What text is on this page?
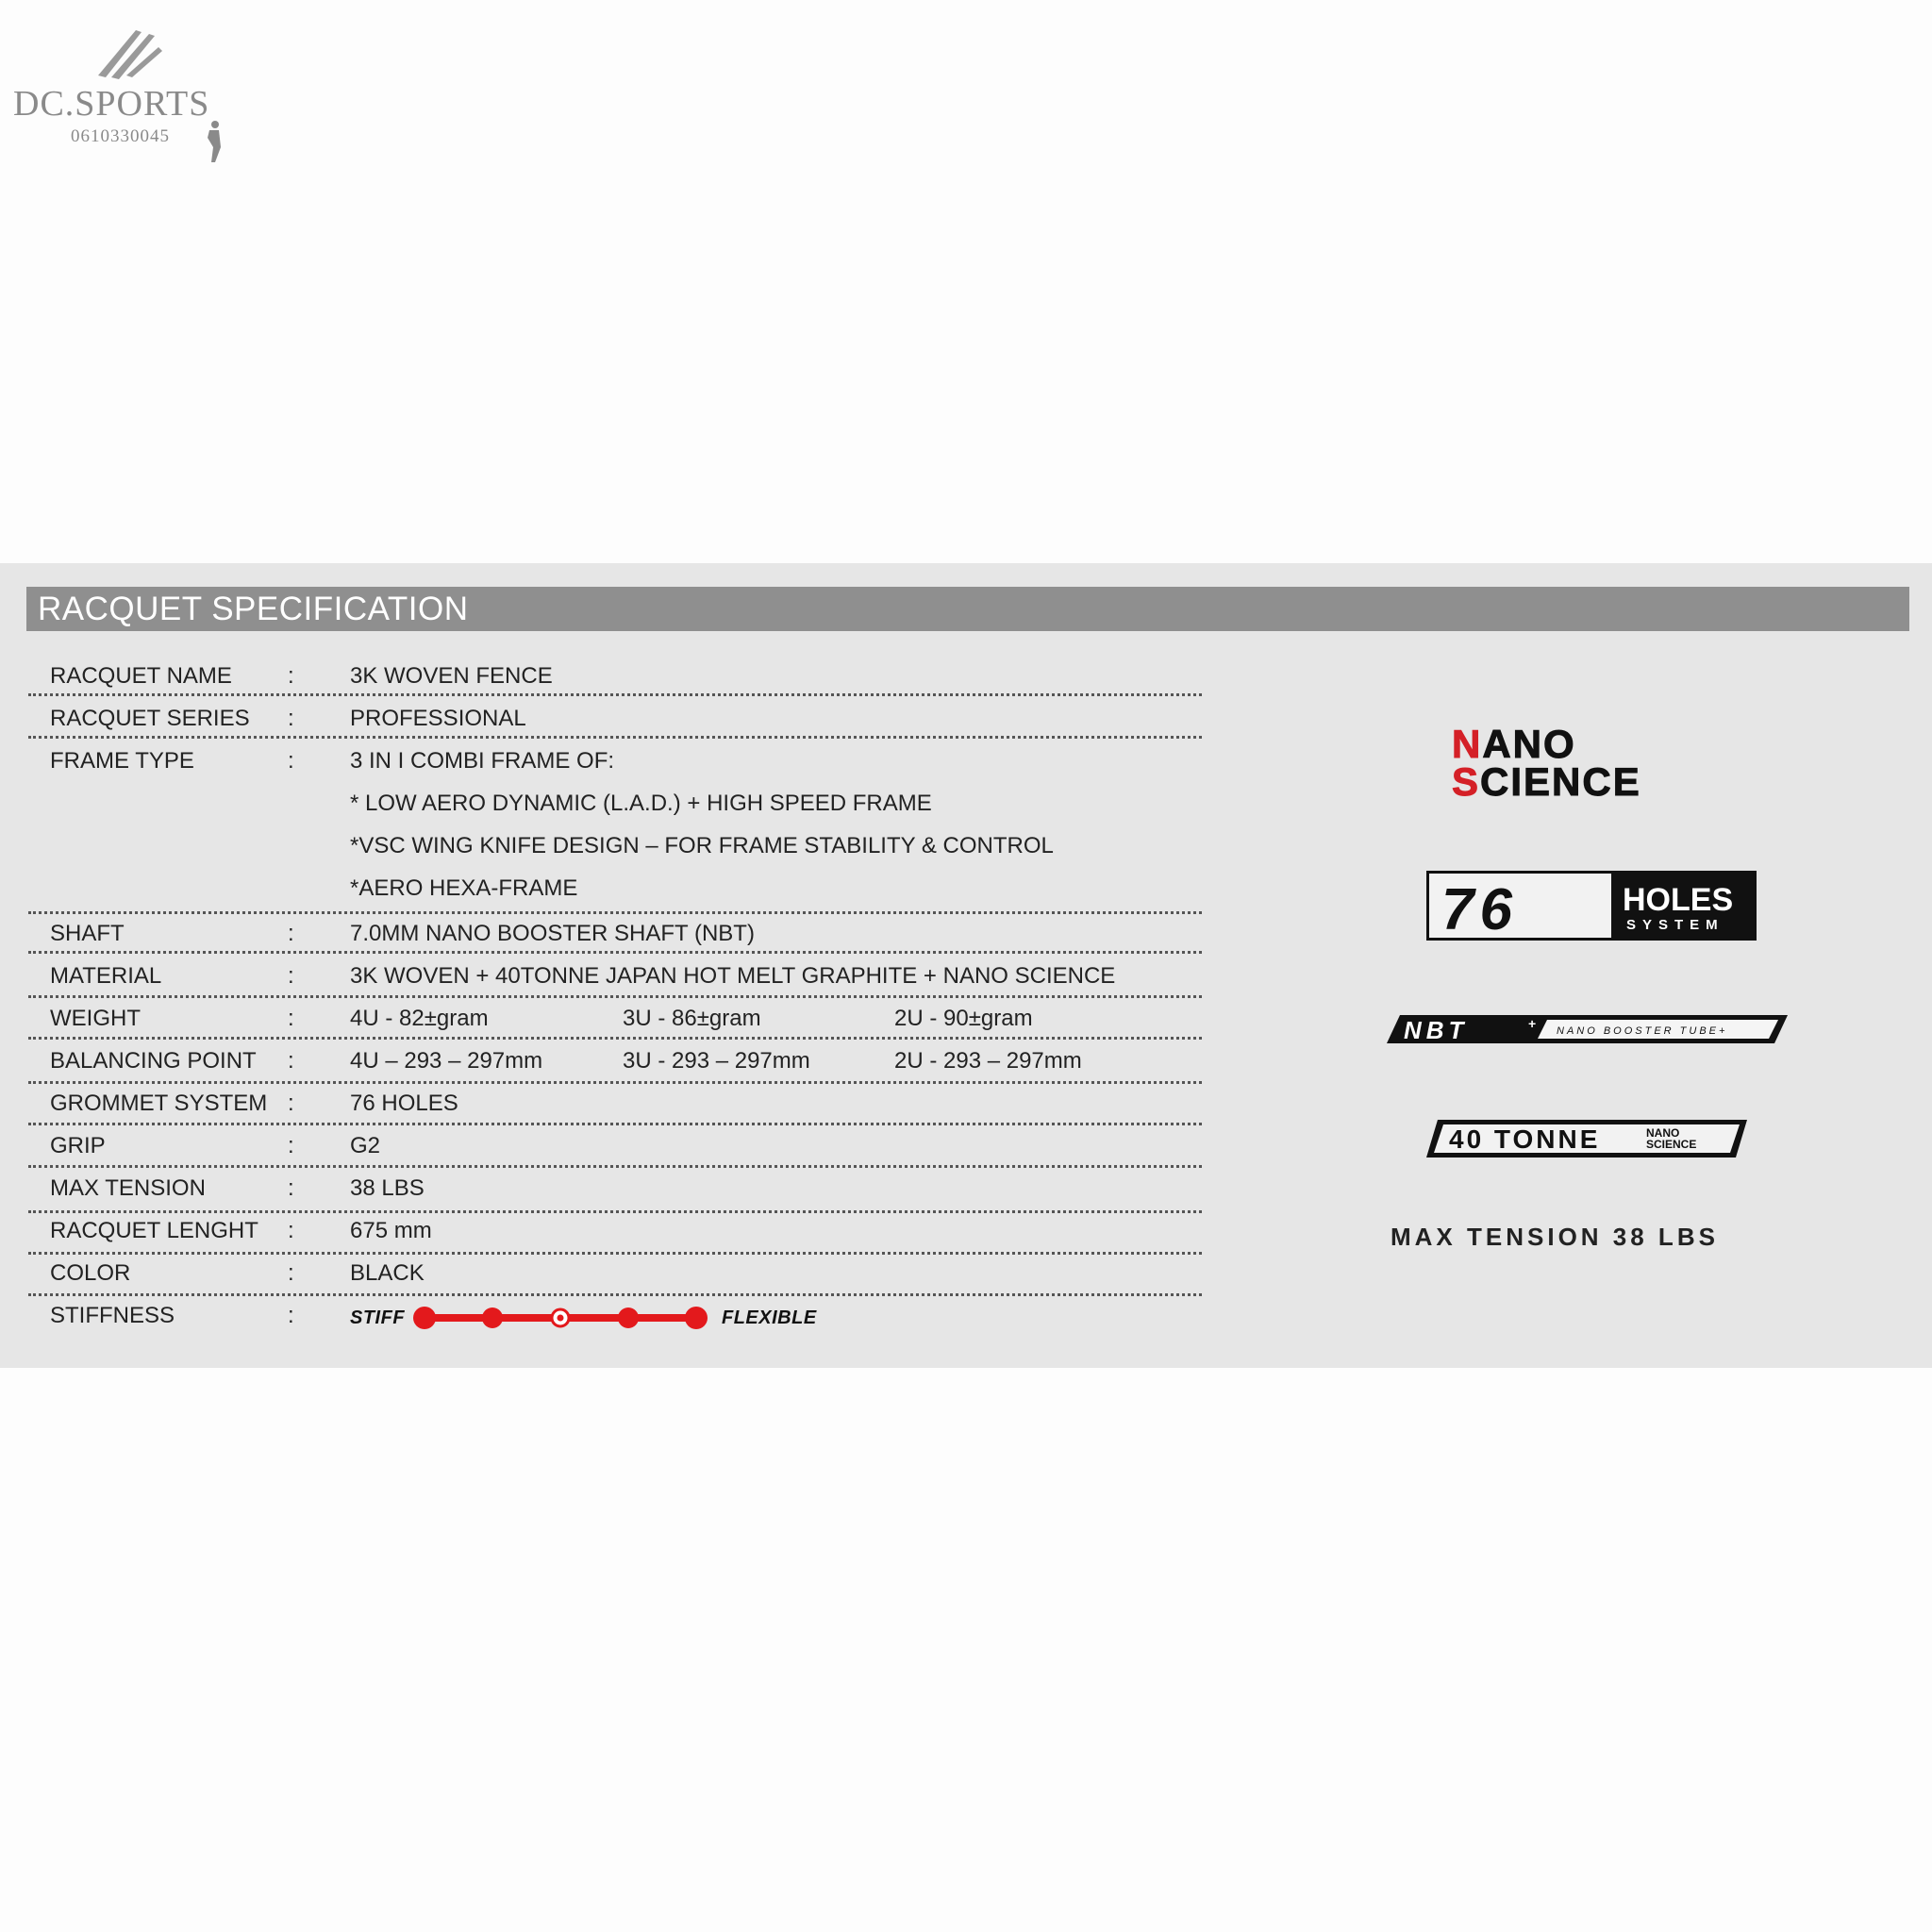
DC.SPORTS
0610330045
RACQUET SPECIFICATION
RACQUET NAME : 3K WOVEN FENCE
RACQUET SERIES : PROFESSIONAL
FRAME TYPE	: 3 IN I COMBI FRAME OF:
* LOW AERO DYNAMIC (L.A.D.) + HIGH SPEED FRAME
*VSC WING KNIFE DESIGN – FOR FRAME STABILITY & CONTROL
*AERO HEXA-FRAME
SHAFT	: 7.0MM NANO BOOSTER SHAFT (NBT)
MATERIAL	: 3K WOVEN + 40TONNE JAPAN HOT MELT GRAPHITE + NANO SCIENCE
WEIGHT	: 4U - 82±gram	3U - 86±gram	2U - 90±gram
BALANCING POINT : 4U – 293 – 297mm	3U - 293 – 297mm	2U - 293 – 297mm
GROMMET SYSTEM : 76 HOLES
GRIP	: G2
MAX TENSION	: 38 LBS
RACQUET LENGHT : 675 mm
COLOR	: BLACK
STIFFNESS	:	STIFF	FLEXIBLE
NANO
SCIENCE
76	HOLES
SYSTEM
NBT	+ NANO BOOSTER TUBE+
40 TONNE	NANO
SCIENCE
MAX TENSION 38 LBS
